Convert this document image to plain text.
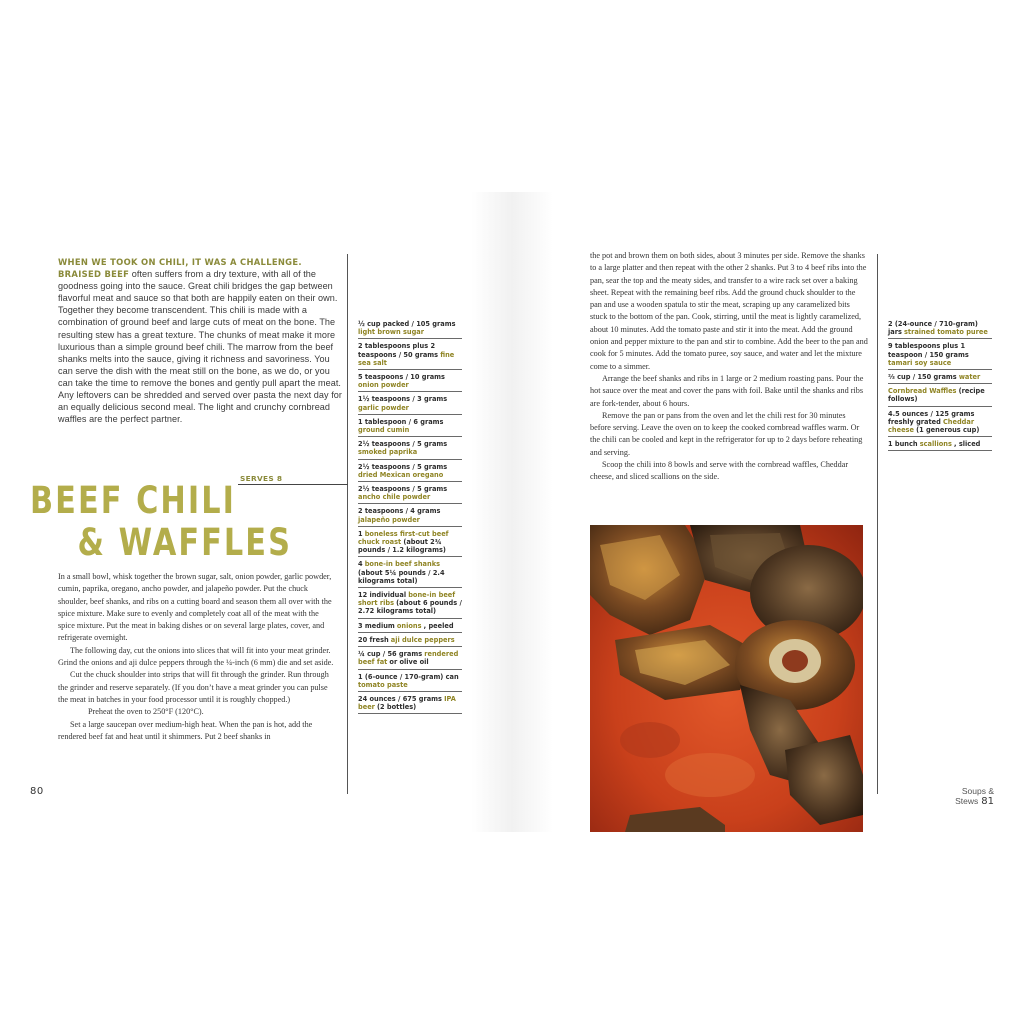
WHEN WE TOOK ON CHILI, IT WAS A CHALLENGE. BRAISED BEEF often suffers from a dry texture, with all of the goodness going into the sauce. Great chili bridges the gap between flavorful meat and sauce so that both are happily eaten on their own. Together they become transcendent. This chili is made with a combination of ground beef and large cuts of meat on the bone. The resulting stew has a great texture. The chunks of meat make it more luxurious than a simple ground beef chili. The marrow from the beef shanks melts into the sauce, giving it richness and savoriness. You can serve the dish with the meat still on the bone, as we do, or you can take the time to remove the bones and gently pull apart the meat. Any leftovers can be shredded and served over pasta the next day for an equally delicious second meal. The light and crunchy cornbread waffles are the perfect partner.
SERVES 8
BEEF CHILI
& WAFFLES

In a small bowl, whisk together the brown sugar, salt, onion powder, garlic powder, cumin, paprika, oregano, ancho powder, and jalapeño powder. Put the chuck shoulder, beef shanks, and ribs on a cutting board and season them all over with the spice mixture. Make sure to evenly and completely coat all of the meat with the spice mixture. Put the meat in baking dishes or on several large plates, cover, and refrigerate overnight.

The following day, cut the onions into slices that will fit into your meat grinder. Grind the onions and aji dulce peppers through the ¼-inch (6 mm) die and set aside.

Cut the chuck shoulder into strips that will fit through the grinder. Run through the grinder and reserve separately. (If you don’t have a meat grinder you can pulse the meat in batches in your food processor until it is roughly chopped.)

Preheat the oven to 250°F (120°C).

Set a large saucepan over medium-high heat. When the pan is hot, add the rendered beef fat and heat until it shimmers. Put 2 beef shanks in

½ cup packed / 105 grams light brown sugar
2 tablespoons plus 2 teaspoons / 50 grams fine sea salt
5 teaspoons / 10 grams onion powder
1½ teaspoons / 3 grams garlic powder
1 tablespoon / 6 grams ground cumin
2½ teaspoons / 5 grams smoked paprika
2½ teaspoons / 5 grams dried Mexican oregano
2½ teaspoons / 5 grams ancho chile powder
2 teaspoons / 4 grams jalapeño powder
1 boneless first-cut beef chuck roast (about 2¾ pounds / 1.2 kilograms)
4 bone-in beef shanks (about 5¼ pounds / 2.4 kilograms total)
12 individual bone-in beef short ribs (about 6 pounds / 2.72 kilograms total)
3 medium onions , peeled
20 fresh aji dulce peppers
¼ cup / 56 grams rendered beef fat or olive oil
1 (6-ounce / 170-gram) can tomato paste
24 ounces / 675 grams IPA beer (2 bottles)

the pot and brown them on both sides, about 3 minutes per side. Remove the shanks to a large platter and then repeat with the other 2 shanks. Put 3 to 4 beef ribs into the pan, sear the top and the meaty sides, and transfer to a wire rack set over a baking sheet. Repeat with the remaining beef ribs. Add the ground chuck shoulder to the pan and use a wooden spatula to stir the meat, scraping up any caramelized bits stuck to the bottom of the pan. Cook, stirring, until the meat is lightly caramelized, about 10 minutes. Add the tomato paste and stir it into the meat. Add the ground onion and pepper mixture to the pan and stir to combine. Add the beer to the pan and cook for 5 minutes. Add the tomato puree, soy sauce, and water and let the mixture come to a simmer.

Arrange the beef shanks and ribs in 1 large or 2 medium roasting pans. Pour the hot sauce over the meat and cover the pans with foil. Bake until the shanks and ribs are fork-tender, about 6 hours.

Remove the pan or pans from the oven and let the chili rest for 30 minutes before serving. Leave the oven on to keep the cooked cornbread waffles warm. Or the chili can be cooled and kept in the refrigerator for up to 2 days before reheating and serving.

Scoop the chili into 8 bowls and serve with the cornbread waffles, Cheddar cheese, and sliced scallions on the side.

2 (24-ounce / 710-gram) jars strained tomato puree
9 tablespoons plus 1 teaspoon / 150 grams tamari soy sauce
⅔ cup / 150 grams water
Cornbread Waffles (recipe follows)
4.5 ounces / 125 grams freshly grated Cheddar cheese (1 generous cup)
1 bunch scallions , sliced
80	Soups & Stews 81
